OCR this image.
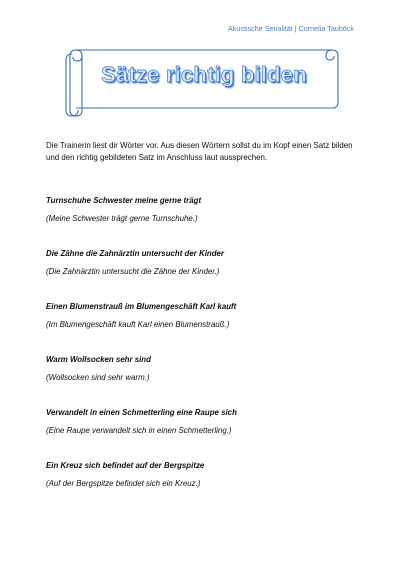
Akustische Serialität | Cornelia Tauböck
Sätze richtig bilden
Die Trainerin liest dir Wörter vor. Aus diesen Wörtern sollst du im Kopf einen Satz bilden und den richtig gebildeten Satz im Anschluss laut aussprechen.
Turnschuhe Schwester meine gerne trägt
(Meine Schwester trägt gerne Turnschuhe.)
Die Zähne die Zahnärztin untersucht der Kinder
(Die Zahnärztin untersucht die Zähne der Kinder.)
Einen Blumenstrauß im Blumengeschäft Karl kauft
(Im Blumengeschäft kauft Karl einen Blumenstrauß.)
Warm Wollsocken sehr sind
(Wollsocken sind sehr warm.)
Verwandelt in einen Schmetterling eine Raupe sich
(Eine Raupe verwandelt sich in einen Schmetterling.)
Ein Kreuz sich befindet auf der Bergspitze
(Auf der Bergspitze befindet sich ein Kreuz.)
